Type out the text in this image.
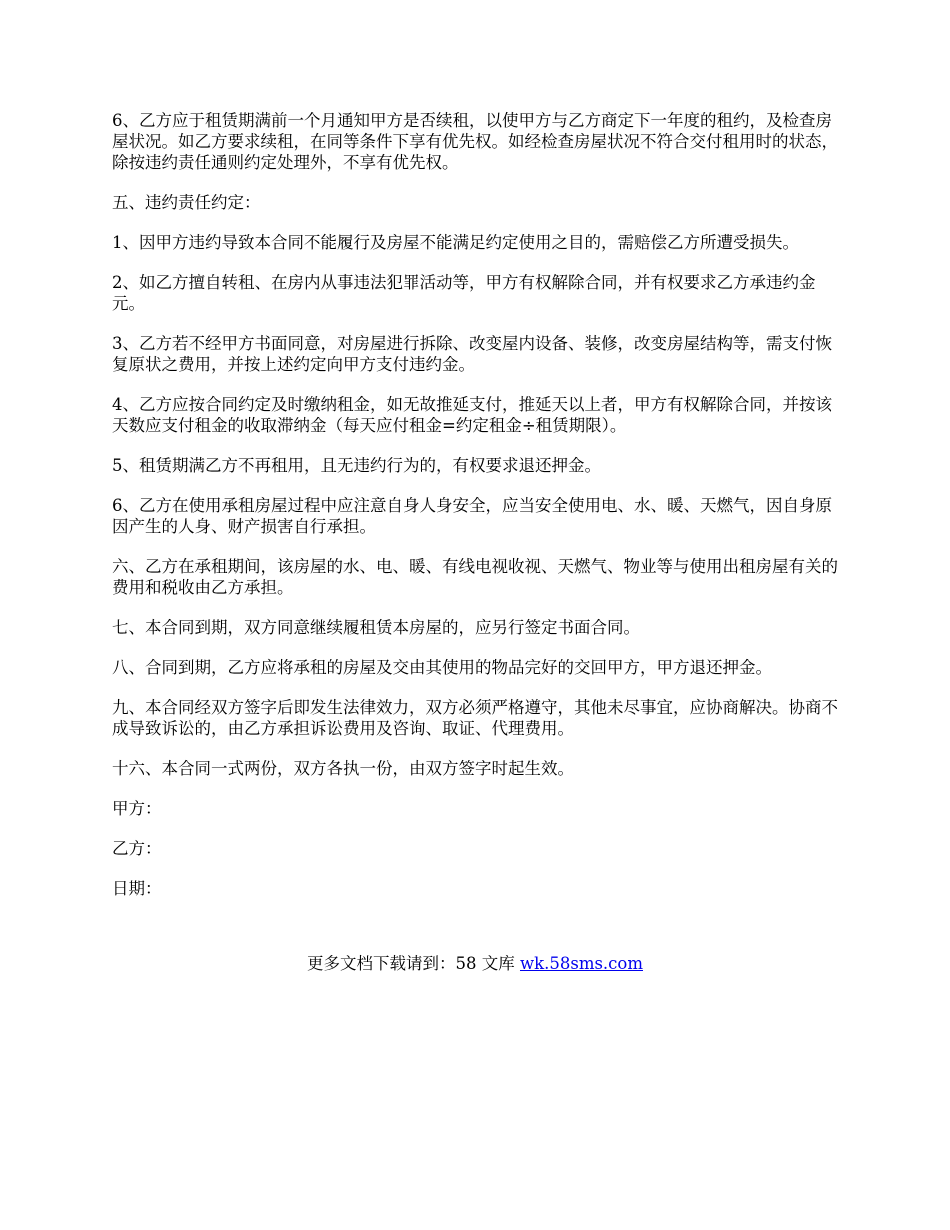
6、乙方应于租赁期满前一个月通知甲方是否续租，以使甲方与乙方商定下一年度的租约，及检查房屋状况。如乙方要求续租，在同等条件下享有优先权。如经检查房屋状况不符合交付租用时的状态，除按违约责任通则约定处理外，不享有优先权。

五、违约责任约定：

1、因甲方违约导致本合同不能履行及房屋不能满足约定使用之目的，需赔偿乙方所遭受损失。

2、如乙方擅自转租、在房内从事违法犯罪活动等，甲方有权解除合同，并有权要求乙方承违约金元。

3、乙方若不经甲方书面同意，对房屋进行拆除、改变屋内设备、装修，改变房屋结构等，需支付恢复原状之费用，并按上述约定向甲方支付违约金。

4、乙方应按合同约定及时缴纳租金，如无故推延支付，推延天以上者，甲方有权解除合同，并按该天数应支付租金的收取滞纳金（每天应付租金=约定租金÷租赁期限）。

5、租赁期满乙方不再租用，且无违约行为的，有权要求退还押金。

6、乙方在使用承租房屋过程中应注意自身人身安全，应当安全使用电、水、暖、天燃气，因自身原因产生的人身、财产损害自行承担。

六、乙方在承租期间，该房屋的水、电、暖、有线电视收视、天燃气、物业等与使用出租房屋有关的费用和税收由乙方承担。

七、本合同到期，双方同意继续履租赁本房屋的，应另行签定书面合同。

八、合同到期，乙方应将承租的房屋及交由其使用的物品完好的交回甲方，甲方退还押金。

九、本合同经双方签字后即发生法律效力，双方必须严格遵守，其他未尽事宜，应协商解决。协商不成导致诉讼的，由乙方承担诉讼费用及咨询、取证、代理费用。

十六、本合同一式两份，双方各执一份，由双方签字时起生效。

甲方：

乙方：

日期：

更多文档下载请到：58 文库 wk.58sms.com
